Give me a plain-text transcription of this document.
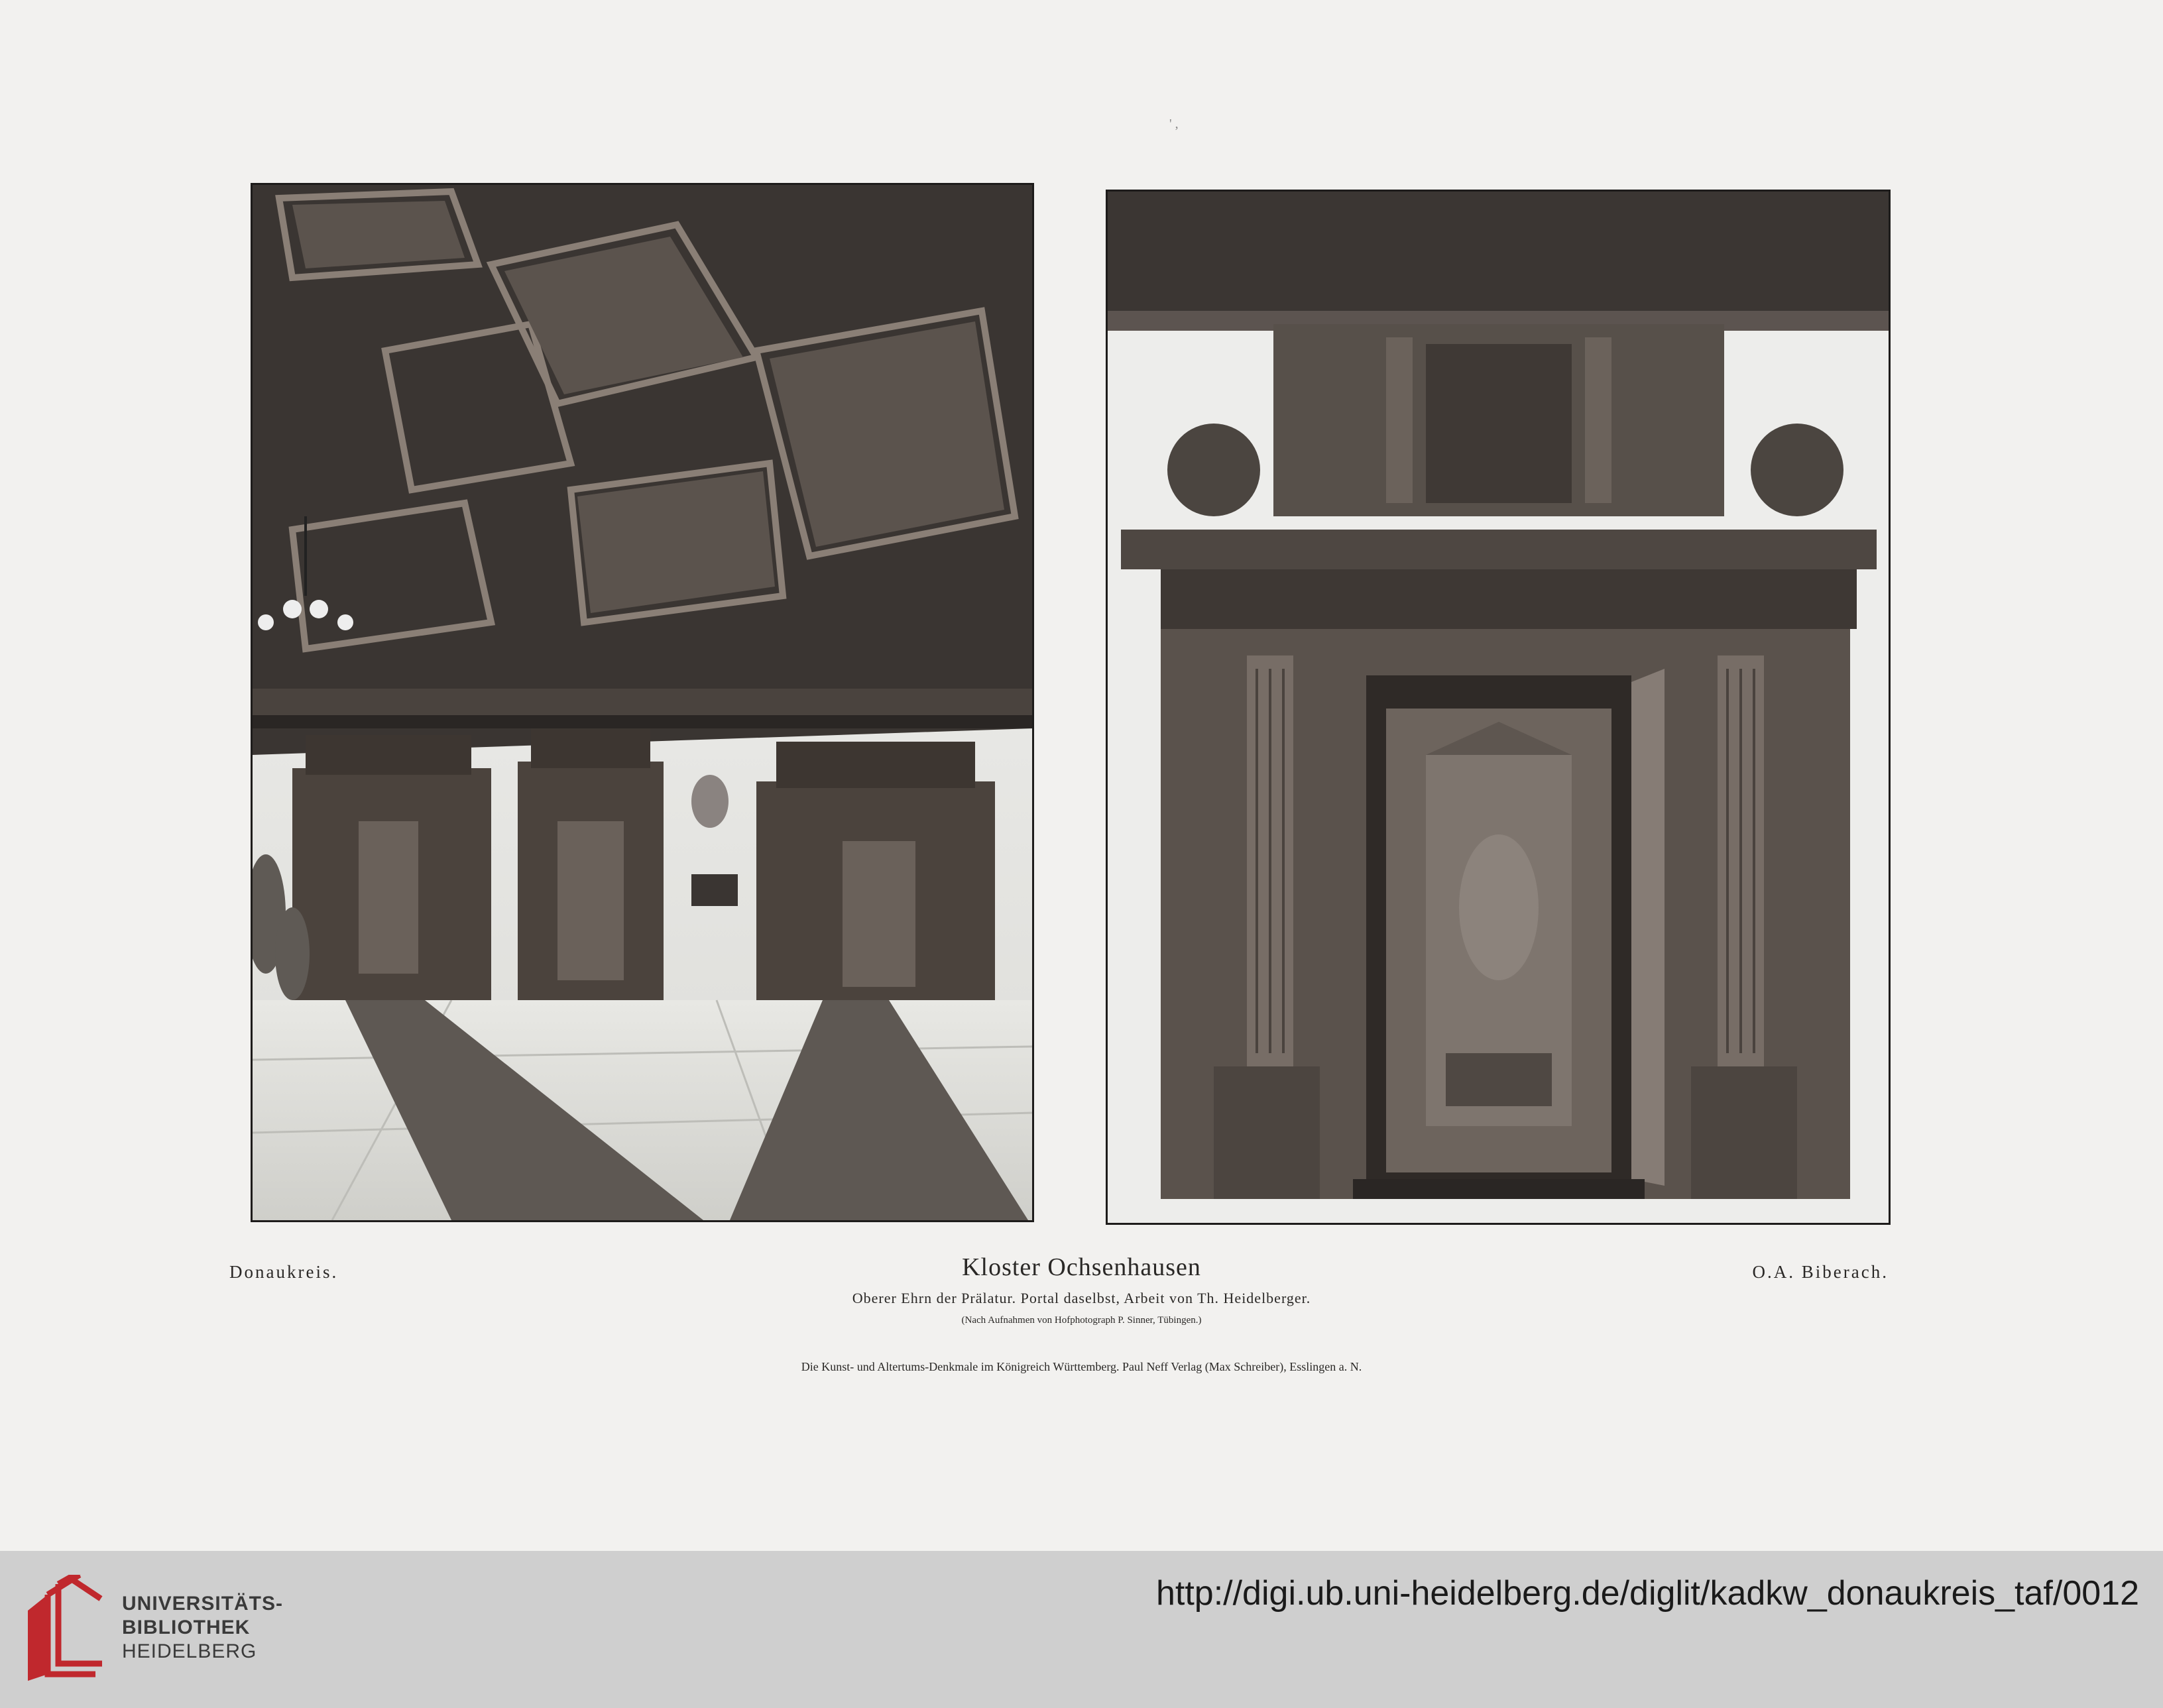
' ,
Donaukreis.	Kloster Ochsenhausen	O.A. Biberach.
Oberer Ehrn der Prälatur. Portal daselbst, Arbeit von Th. Heidelberger.
(Nach Aufnahmen von Hofphotograph P. Sinner, Tübingen.)
Die Kunst- und Altertums-Denkmale im Königreich Württemberg. Paul Neff Verlag (Max Schreiber), Esslingen a. N.
UNIVERSITÄTS-
BIBLIOTHEK
HEIDELBERG
http://digi.ub.uni-heidelberg.de/diglit/kadkw_donaukreis_taf/0012
